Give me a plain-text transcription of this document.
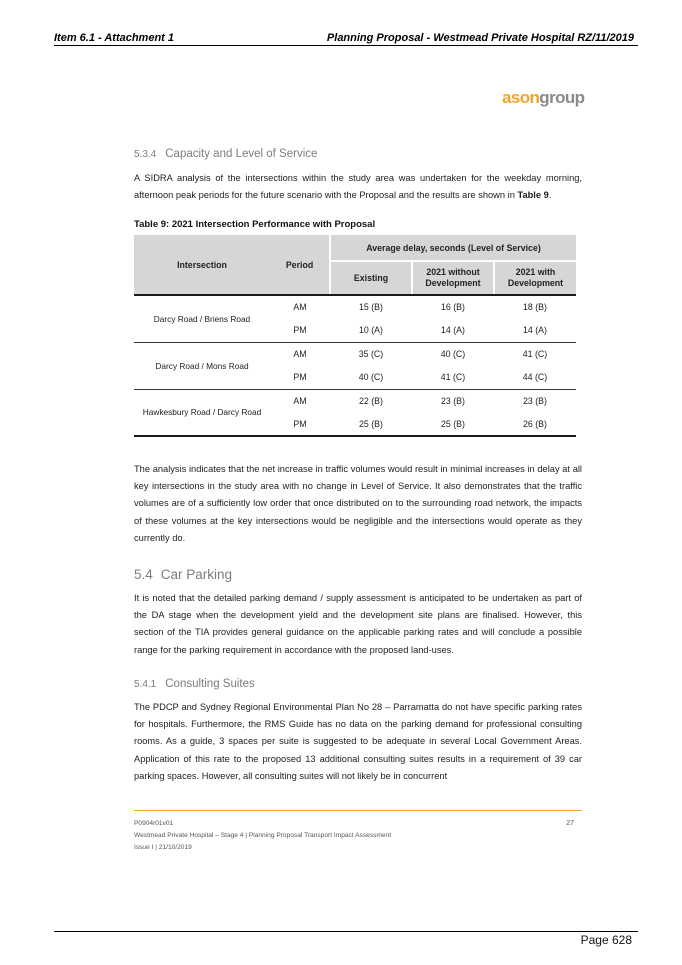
Item 6.1 - Attachment 1	Planning Proposal - Westmead Private Hospital RZ/11/2019
asongroup
5.3.4 Capacity and Level of Service
A SIDRA analysis of the intersections within the study area was undertaken for the weekday morning, afternoon peak periods for the future scenario with the Proposal and the results are shown in Table 9.
Table 9: 2021 Intersection Performance with Proposal
Intersection	Period	Average delay, seconds (Level of Service)		
		Existing	2021 without Development	2021 with Development
Darcy Road / Briens Road	AM	15 (B)	16 (B)	18 (B)
	PM	10 (A)	14 (A)	14 (A)
Darcy Road / Mons Road	AM	35 (C)	40 (C)	41 (C)
	PM	40 (C)	41 (C)	44 (C)
Hawkesbury Road / Darcy Road	AM	22 (B)	23 (B)	23 (B)
	PM	25 (B)	25 (B)	26 (B)
The analysis indicates that the net increase in traffic volumes would result in minimal increases in delay at all key intersections in the study area with no change in Level of Service. It also demonstrates that the traffic volumes are of a sufficiently low order that once distributed on to the surrounding road network, the impacts of these volumes at the key intersections would be negligible and the intersections would operate as they currently do.
5.4 Car Parking
It is noted that the detailed parking demand / supply assessment is anticipated to be undertaken as part of the DA stage when the development yield and the development site plans are finalised. However, this section of the TIA provides general guidance on the applicable parking rates and will conclude a possible range for the parking requirement in accordance with the proposed land-uses.
5.4.1 Consulting Suites
The PDCP and Sydney Regional Environmental Plan No 28 – Parramatta do not have specific parking rates for hospitals. Furthermore, the RMS Guide has no data on the parking demand for professional consulting rooms. As a guide, 3 spaces per suite is suggested to be adequate in several Local Government Areas. Application of this rate to the proposed 13 additional consulting suites results in a requirement of 39 car parking spaces. However, all consulting suites will not likely be in concurrent
P0904r01v01
Westmead Private Hospital – Stage 4 | Planning Proposal Transport Impact Assessment
Issue I | 21/10/2019
27
Page 628
